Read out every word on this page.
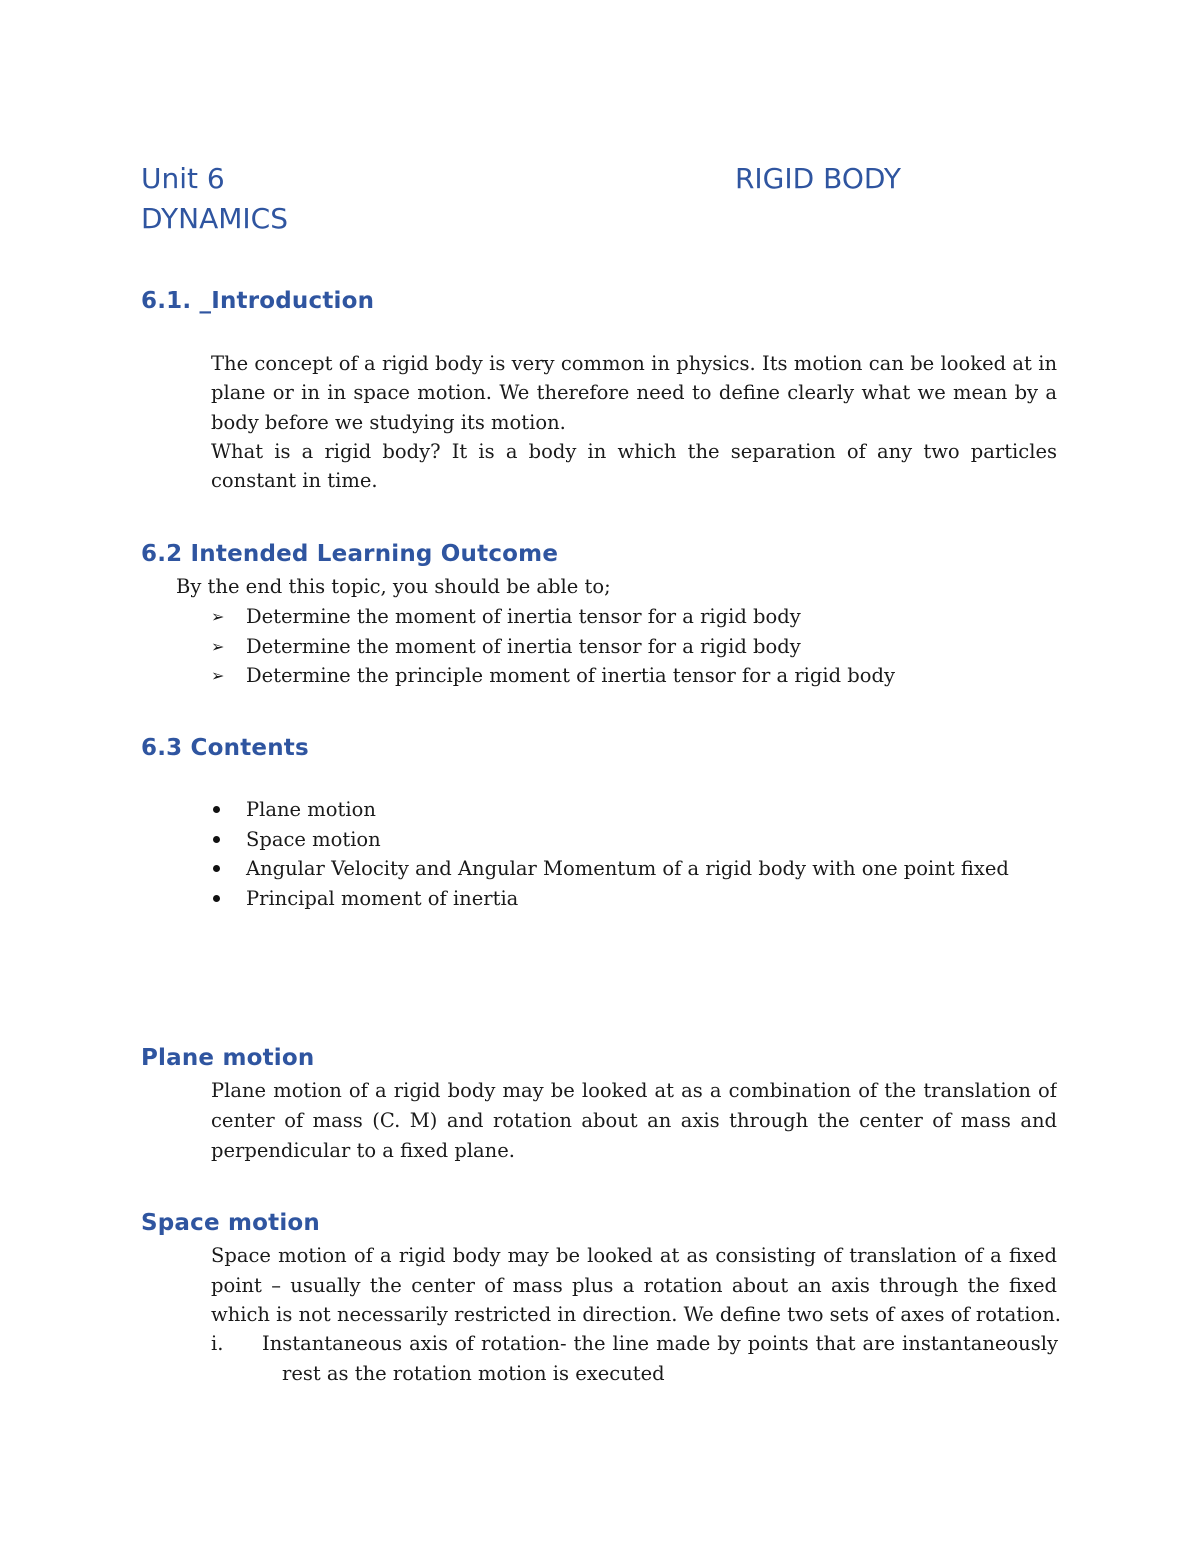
Unit 6	RIGID BODY
DYNAMICS
6.1. _Introduction

The concept of a rigid body is very common in physics. Its motion can be looked at in

plane or in in space motion. We therefore need to define clearly what we mean by a

body before we studying its motion.

What is a rigid body? It is a body in which the separation of any two particles

constant in time.

6.2 Intended Learning Outcome

By the end this topic, you should be able to;

➢	Determine the moment of inertia tensor for a rigid body
➢	Determine the moment of inertia tensor for a rigid body
➢	Determine the principle moment of inertia tensor for a rigid body
6.3 Contents
Plane motion
Space motion
Angular Velocity and Angular Momentum of a rigid body with one point fixed
Principal moment of inertia
Plane motion

Plane motion of a rigid body may be looked at as a combination of the translation of

center of mass (C. M) and rotation about an axis through the center of mass and

perpendicular to a fixed plane.

Space motion

Space motion of a rigid body may be looked at as consisting of translation of a fixed

point – usually the center of mass plus a rotation about an axis through the fixed

which is not necessarily restricted in direction. We define two sets of axes of rotation.

i. Instantaneous axis of rotation- the line made by points that are instantaneously

rest as the rotation motion is executed
